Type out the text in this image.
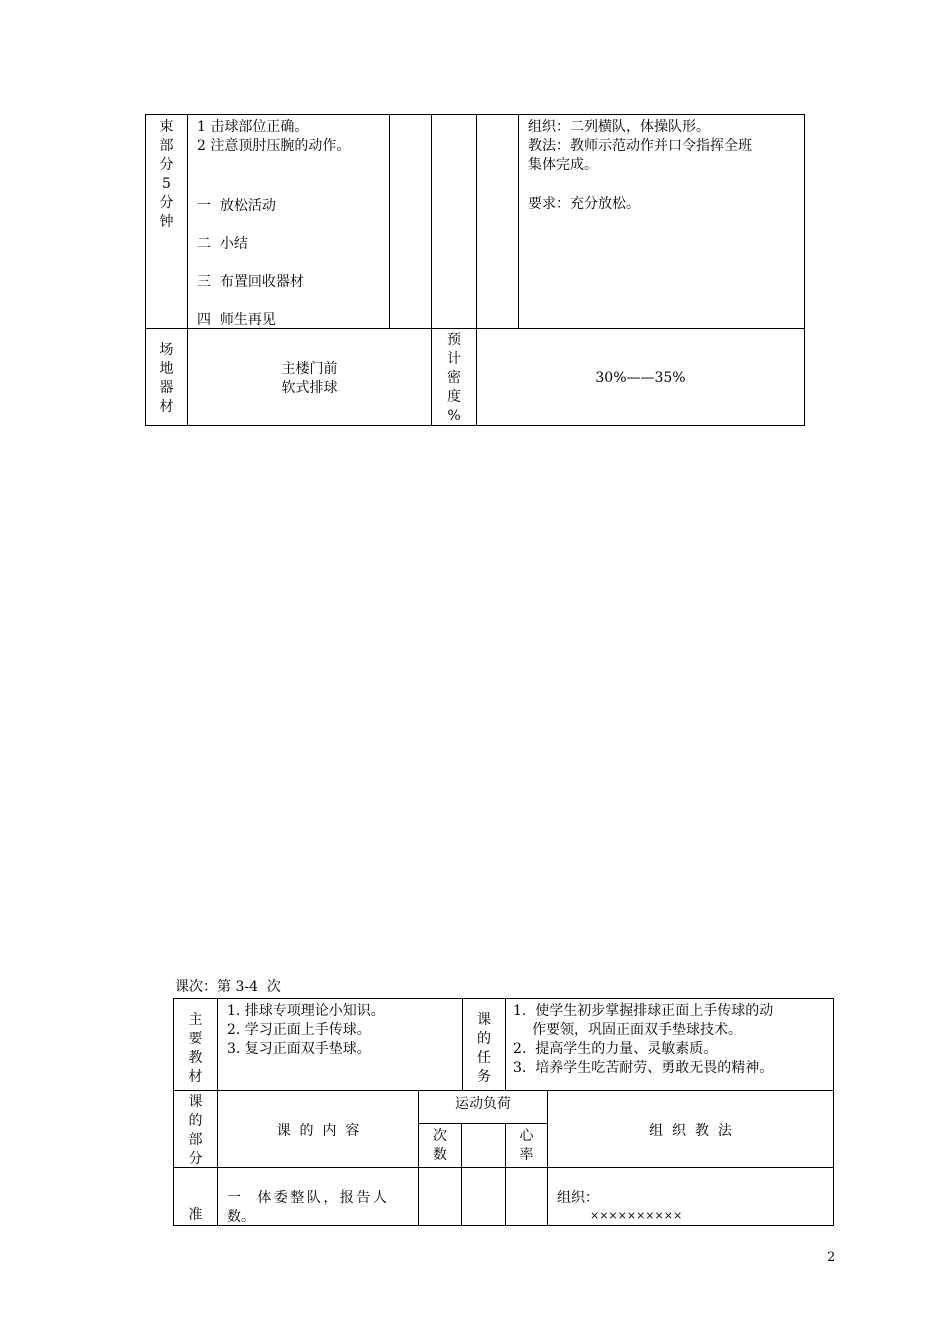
束
部
分
5
分
钟
1 击球部位正确。
2 注意顶肘压腕的动作。
一  放松活动
二  小结
三  布置回收器材
四  师生再见
组织：二列横队，体操队形。
教法：教师示范动作并口令指挥全班
集体完成。
要求：充分放松。
场
地
器
材
主楼门前
软式排球
预
计
密
度
%
30%——35%
课次：第 3-4  次
主
要
教
材
1. 排球专项理论小知识。
2. 学习正面上手传球。
3. 复习正面双手垫球。
课
的
任
务
1.  使学生初步掌握排球正面上手传球的动
作要领，巩固正面双手垫球技术。
2.  提高学生的力量、灵敏素质。
3.  培养学生吃苦耐劳、勇敢无畏的精神。
课
的
部
分
课  的  内  容
运动负荷
次
数
心
率
组  织  教  法
准
一  体委整队，报告人
数。
组织：
××××××××××
2
